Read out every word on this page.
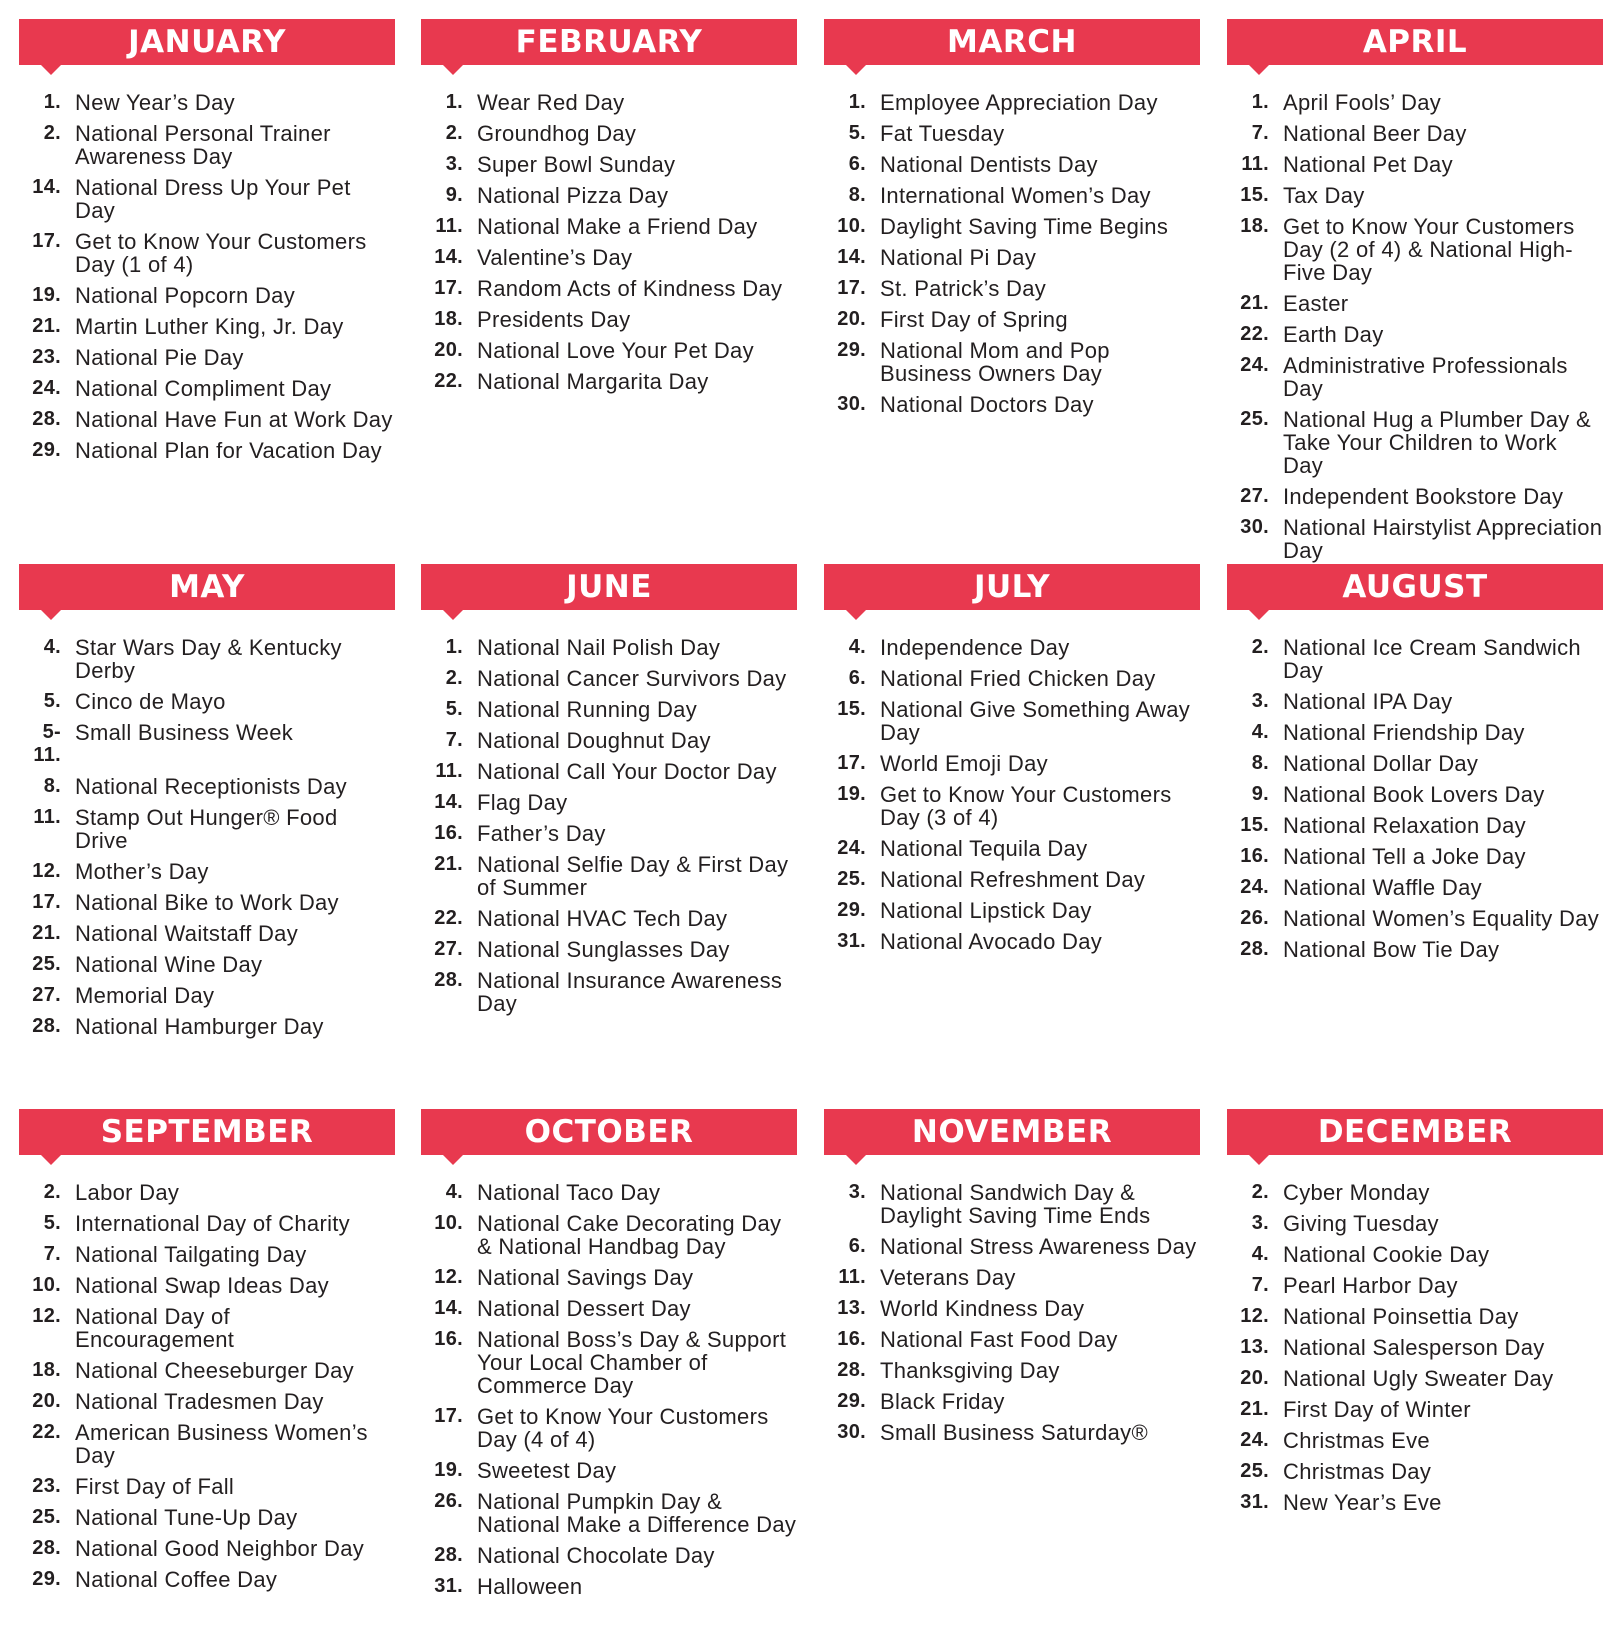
JANUARY
1. New Year’s Day
2. National Personal Trainer Awareness Day
14. National Dress Up Your Pet Day
17. Get to Know Your Customers Day (1 of 4)
19. National Popcorn Day
21. Martin Luther King, Jr. Day
23. National Pie Day
24. National Compliment Day
28. National Have Fun at Work Day
29. National Plan for Vacation Day
FEBRUARY
1. Wear Red Day
2. Groundhog Day
3. Super Bowl Sunday
9. National Pizza Day
11. National Make a Friend Day
14. Valentine’s Day
17. Random Acts of Kindness Day
18. Presidents Day
20. National Love Your Pet Day
22. National Margarita Day
MARCH
1. Employee Appreciation Day
5. Fat Tuesday
6. National Dentists Day
8. International Women’s Day
10. Daylight Saving Time Begins
14. National Pi Day
17. St. Patrick’s Day
20. First Day of Spring
29. National Mom and Pop Business Owners Day
30. National Doctors Day
APRIL
1. April Fools’ Day
7. National Beer Day
11. National Pet Day
15. Tax Day
18. Get to Know Your Customers Day (2 of 4) & National High-Five Day
21. Easter
22. Earth Day
24. Administrative Professionals Day
25. National Hug a Plumber Day & Take Your Children to Work Day
27. Independent Bookstore Day
30. National Hairstylist Appreciation Day
MAY
4. Star Wars Day & Kentucky Derby
5. Cinco de Mayo
5-11.
Small Business Week
8. National Receptionists Day
11. Stamp Out Hunger® Food Drive
12. Mother’s Day
17. National Bike to Work Day
21. National Waitstaff Day
25. National Wine Day
27. Memorial Day
28. National Hamburger Day
JUNE
1. National Nail Polish Day
2. National Cancer Survivors Day
5. National Running Day
7. National Doughnut Day
11. National Call Your Doctor Day
14. Flag Day
16. Father’s Day
21. National Selfie Day & First Day of Summer
22. National HVAC Tech Day
27. National Sunglasses Day
28. National Insurance Awareness Day
JULY
4. Independence Day
6. National Fried Chicken Day
15. National Give Something Away Day
17. World Emoji Day
19. Get to Know Your Customers Day (3 of 4)
24. National Tequila Day
25. National Refreshment Day
29. National Lipstick Day
31. National Avocado Day
AUGUST
2. National Ice Cream Sandwich Day
3. National IPA Day
4. National Friendship Day
8. National Dollar Day
9. National Book Lovers Day
15. National Relaxation Day
16. National Tell a Joke Day
24. National Waffle Day
26. National Women’s Equality Day
28. National Bow Tie Day
SEPTEMBER
2. Labor Day
5. International Day of Charity
7. National Tailgating Day
10. National Swap Ideas Day
12. National Day of Encouragement
18. National Cheeseburger Day
20. National Tradesmen Day
22. American Business Women’s Day
23. First Day of Fall
25. National Tune-Up Day
28. National Good Neighbor Day
29. National Coffee Day
OCTOBER
4. National Taco Day
10. National Cake Decorating Day & National Handbag Day
12. National Savings Day
14. National Dessert Day
16. National Boss’s Day & Support Your Local Chamber of Commerce Day
17. Get to Know Your Customers Day (4 of 4)
19. Sweetest Day
26. National Pumpkin Day & National Make a Difference Day
28. National Chocolate Day
31. Halloween
NOVEMBER
3. National Sandwich Day & Daylight Saving Time Ends
6. National Stress Awareness Day
11. Veterans Day
13. World Kindness Day
16. National Fast Food Day
28. Thanksgiving Day
29. Black Friday
30. Small Business Saturday®
DECEMBER
2. Cyber Monday
3. Giving Tuesday
4. National Cookie Day
7. Pearl Harbor Day
12. National Poinsettia Day
13. National Salesperson Day
20. National Ugly Sweater Day
21. First Day of Winter
24. Christmas Eve
25. Christmas Day
31. New Year’s Eve
